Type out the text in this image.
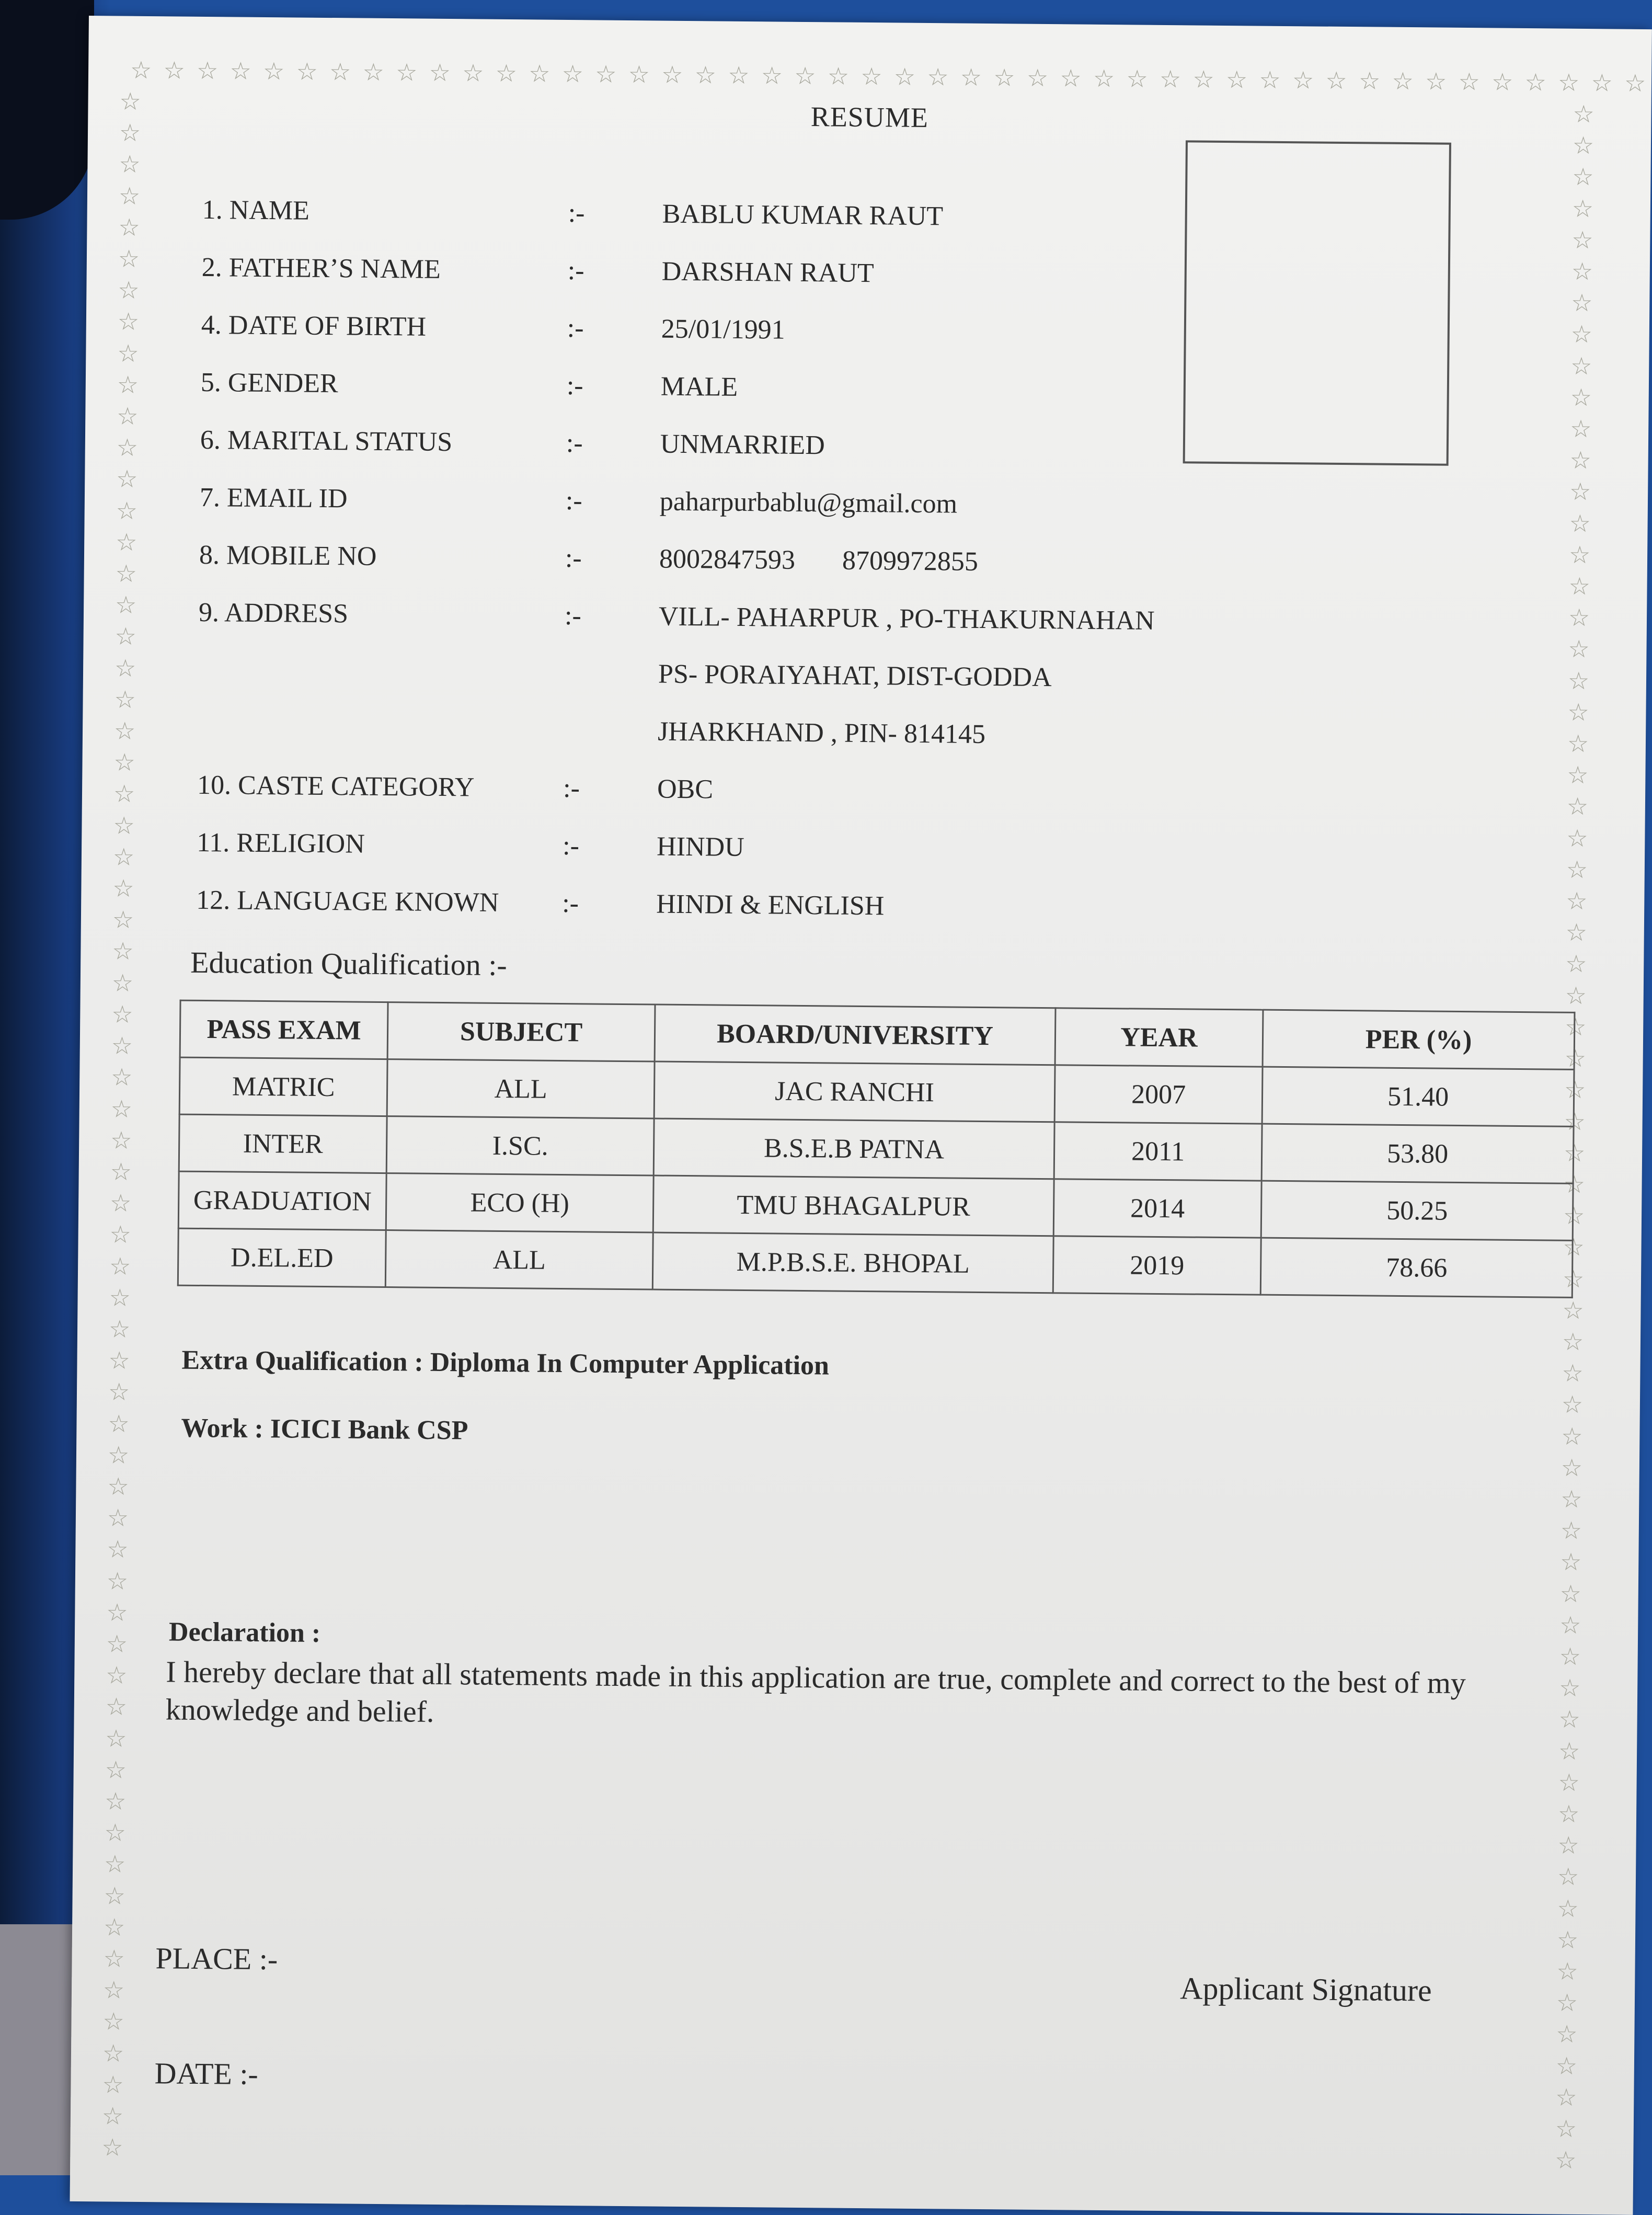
☆ ☆ ☆ ☆ ☆ ☆ ☆ ☆ ☆ ☆ ☆ ☆ ☆ ☆ ☆ ☆ ☆ ☆ ☆ ☆ ☆ ☆ ☆ ☆ ☆ ☆ ☆ ☆ ☆ ☆ ☆ ☆ ☆ ☆ ☆ ☆ ☆ ☆ ☆ ☆ ☆ ☆ ☆ ☆ ☆ ☆
☆
☆
☆
☆
☆
☆
☆
☆
☆
☆
☆
☆
☆
☆
☆
☆
☆
☆
☆
☆
☆
☆
☆
☆
☆
☆
☆
☆
☆
☆
☆
☆
☆
☆
☆
☆
☆
☆
☆
☆
☆
☆
☆
☆
☆
☆
☆
☆
☆
☆
☆
☆
☆
☆
☆
☆
☆
☆
☆
☆
☆
☆
☆
☆
☆
☆
☆
☆
☆
☆
☆
☆
☆
☆
☆
☆
☆
☆
☆
☆
☆
☆
☆
☆
☆
☆
☆
☆
☆
☆
☆
☆
☆
☆
☆
☆
☆
☆
☆
☆
☆
☆
☆
☆
☆
☆
☆
☆
☆
☆
☆
☆
☆
☆
☆
☆
☆
☆
☆
☆
☆
☆
☆
☆
☆
☆
☆
☆
☆
☆
☆
☆
RESUME
1. NAME	:-	BABLU KUMAR RAUT
2. FATHER’S NAME	:-	DARSHAN RAUT
4. DATE OF BIRTH	:-	25/01/1991
5. GENDER	:-	MALE
6. MARITAL STATUS	:-	UNMARRIED
7. EMAIL ID	:-	paharpurbablu@gmail.com
8. MOBILE NO	:-	8002847593 8709972855
9. ADDRESS	:-	VILL- PAHARPUR , PO-THAKURNAHAN
PS- PORAIYAHAT, DIST-GODDA
JHARKHAND , PIN- 814145
10. CASTE CATEGORY	:-	OBC
11. RELIGION	:-	HINDU
12. LANGUAGE KNOWN :-	HINDI & ENGLISH
Education Qualification :-
PASS EXAM	SUBJECT	BOARD/UNIVERSITY	YEAR	PER (%)
MATRIC	ALL	JAC RANCHI	2007	51.40
INTER	I.SC.	B.S.E.B PATNA	2011	53.80
GRADUATION	ECO (H)	TMU BHAGALPUR	2014	50.25
D.EL.ED	ALL	M.P.B.S.E. BHOPAL	2019	78.66
Extra Qualification : Diploma In Computer Application
Work : ICICI Bank CSP
Declaration :
I hereby declare that all statements made in this application are true, complete and correct to the best of my knowledge and belief.
PLACE :-
DATE :-
Applicant Signature
